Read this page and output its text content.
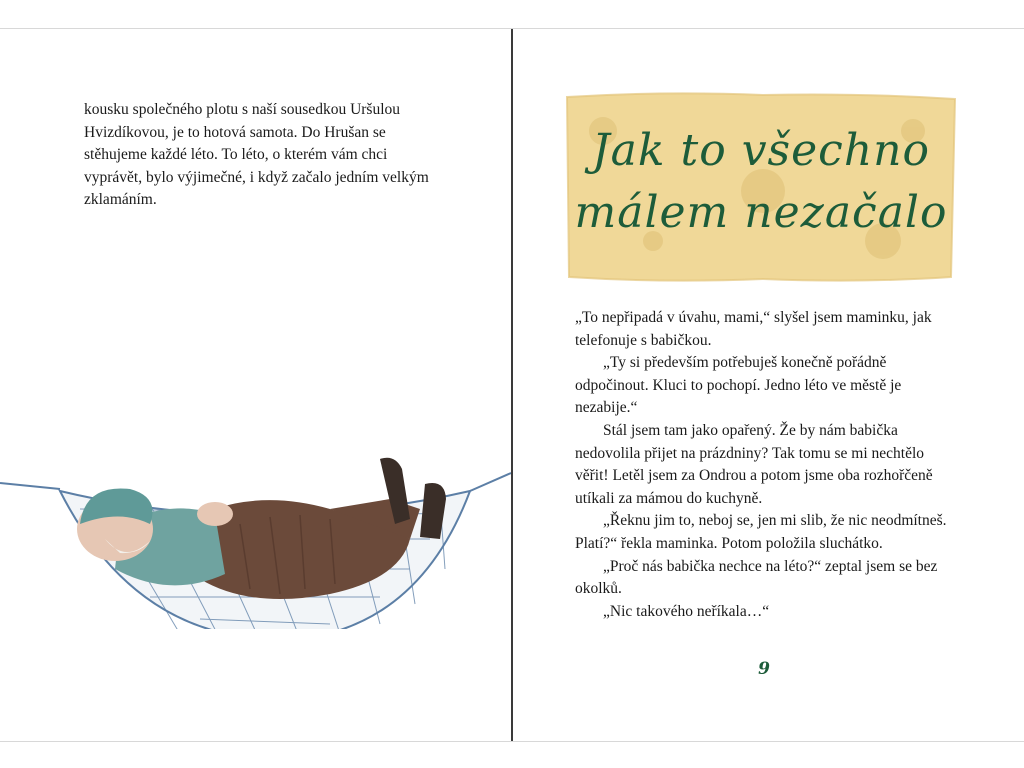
kousku společného plotu s naší sousedkou Uršulou Hvizdíkovou, je to hotová samota. Do Hrušan se stěhujeme každé léto. To léto, o kterém vám chci vyprávět, bylo výjimečné, i když začalo jedním velkým zklamáním.

Jak to všechno
málem nezačalo

„To nepřipadá v úvahu, mami,“ slyšel jsem maminku, jak telefonuje s babičkou.

„Ty si především potřebuješ konečně pořádně odpočinout. Kluci to pochopí. Jedno léto ve městě je nezabije.“

Stál jsem tam jako opařený. Že by nám babička nedovolila přijet na prázdniny? Tak tomu se mi nechtělo věřit! Letěl jsem za Ondrou a potom jsme oba rozhořčeně utíkali za mámou do kuchyně.

„Řeknu jim to, neboj se, jen mi slib, že nic neodmítneš. Platí?“ řekla maminka. Potom položila sluchátko.

„Proč nás babička nechce na léto?“ zeptal jsem se bez okolků.

„Nic takového neříkala…“

9
